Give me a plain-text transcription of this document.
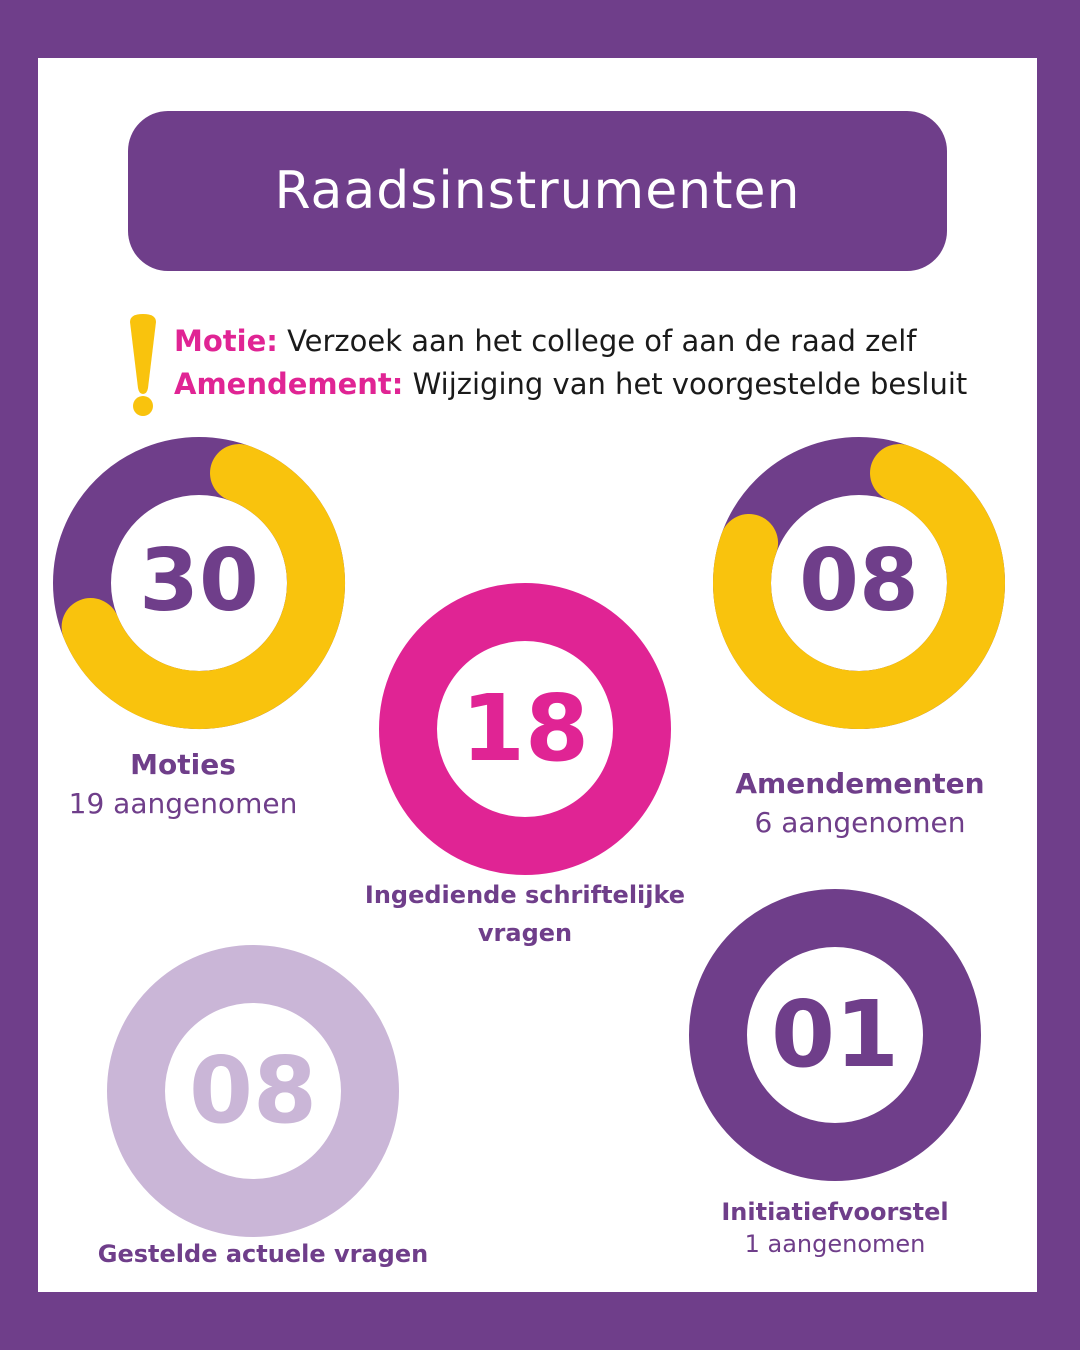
Raadsinstrumenten
Motie: Verzoek aan het college of aan de raad zelf
Amendement: Wijziging van het voorgestelde besluit
30
Moties
19 aangenomen
08
Amendementen
6 aangenomen
18
Ingediende schriftelijke vragen
08
Gestelde actuele vragen
01
Initiatiefvoorstel
1 aangenomen
